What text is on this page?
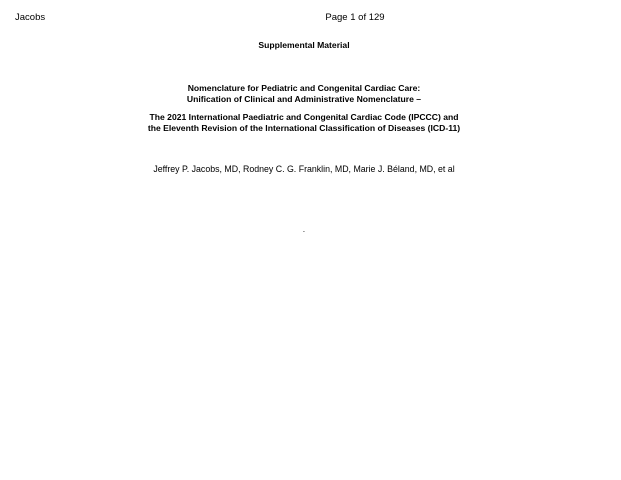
Jacobs	Page 1 of 129
Supplemental Material
Nomenclature for Pediatric and Congenital Cardiac Care:
Unification of Clinical and Administrative Nomenclature –
The 2021 International Paediatric and Congenital Cardiac Code (IPCCC) and
the Eleventh Revision of the International Classification of Diseases (ICD-11)
Jeffrey P. Jacobs, MD, Rodney C. G. Franklin, MD, Marie J. Béland, MD, et al
.
